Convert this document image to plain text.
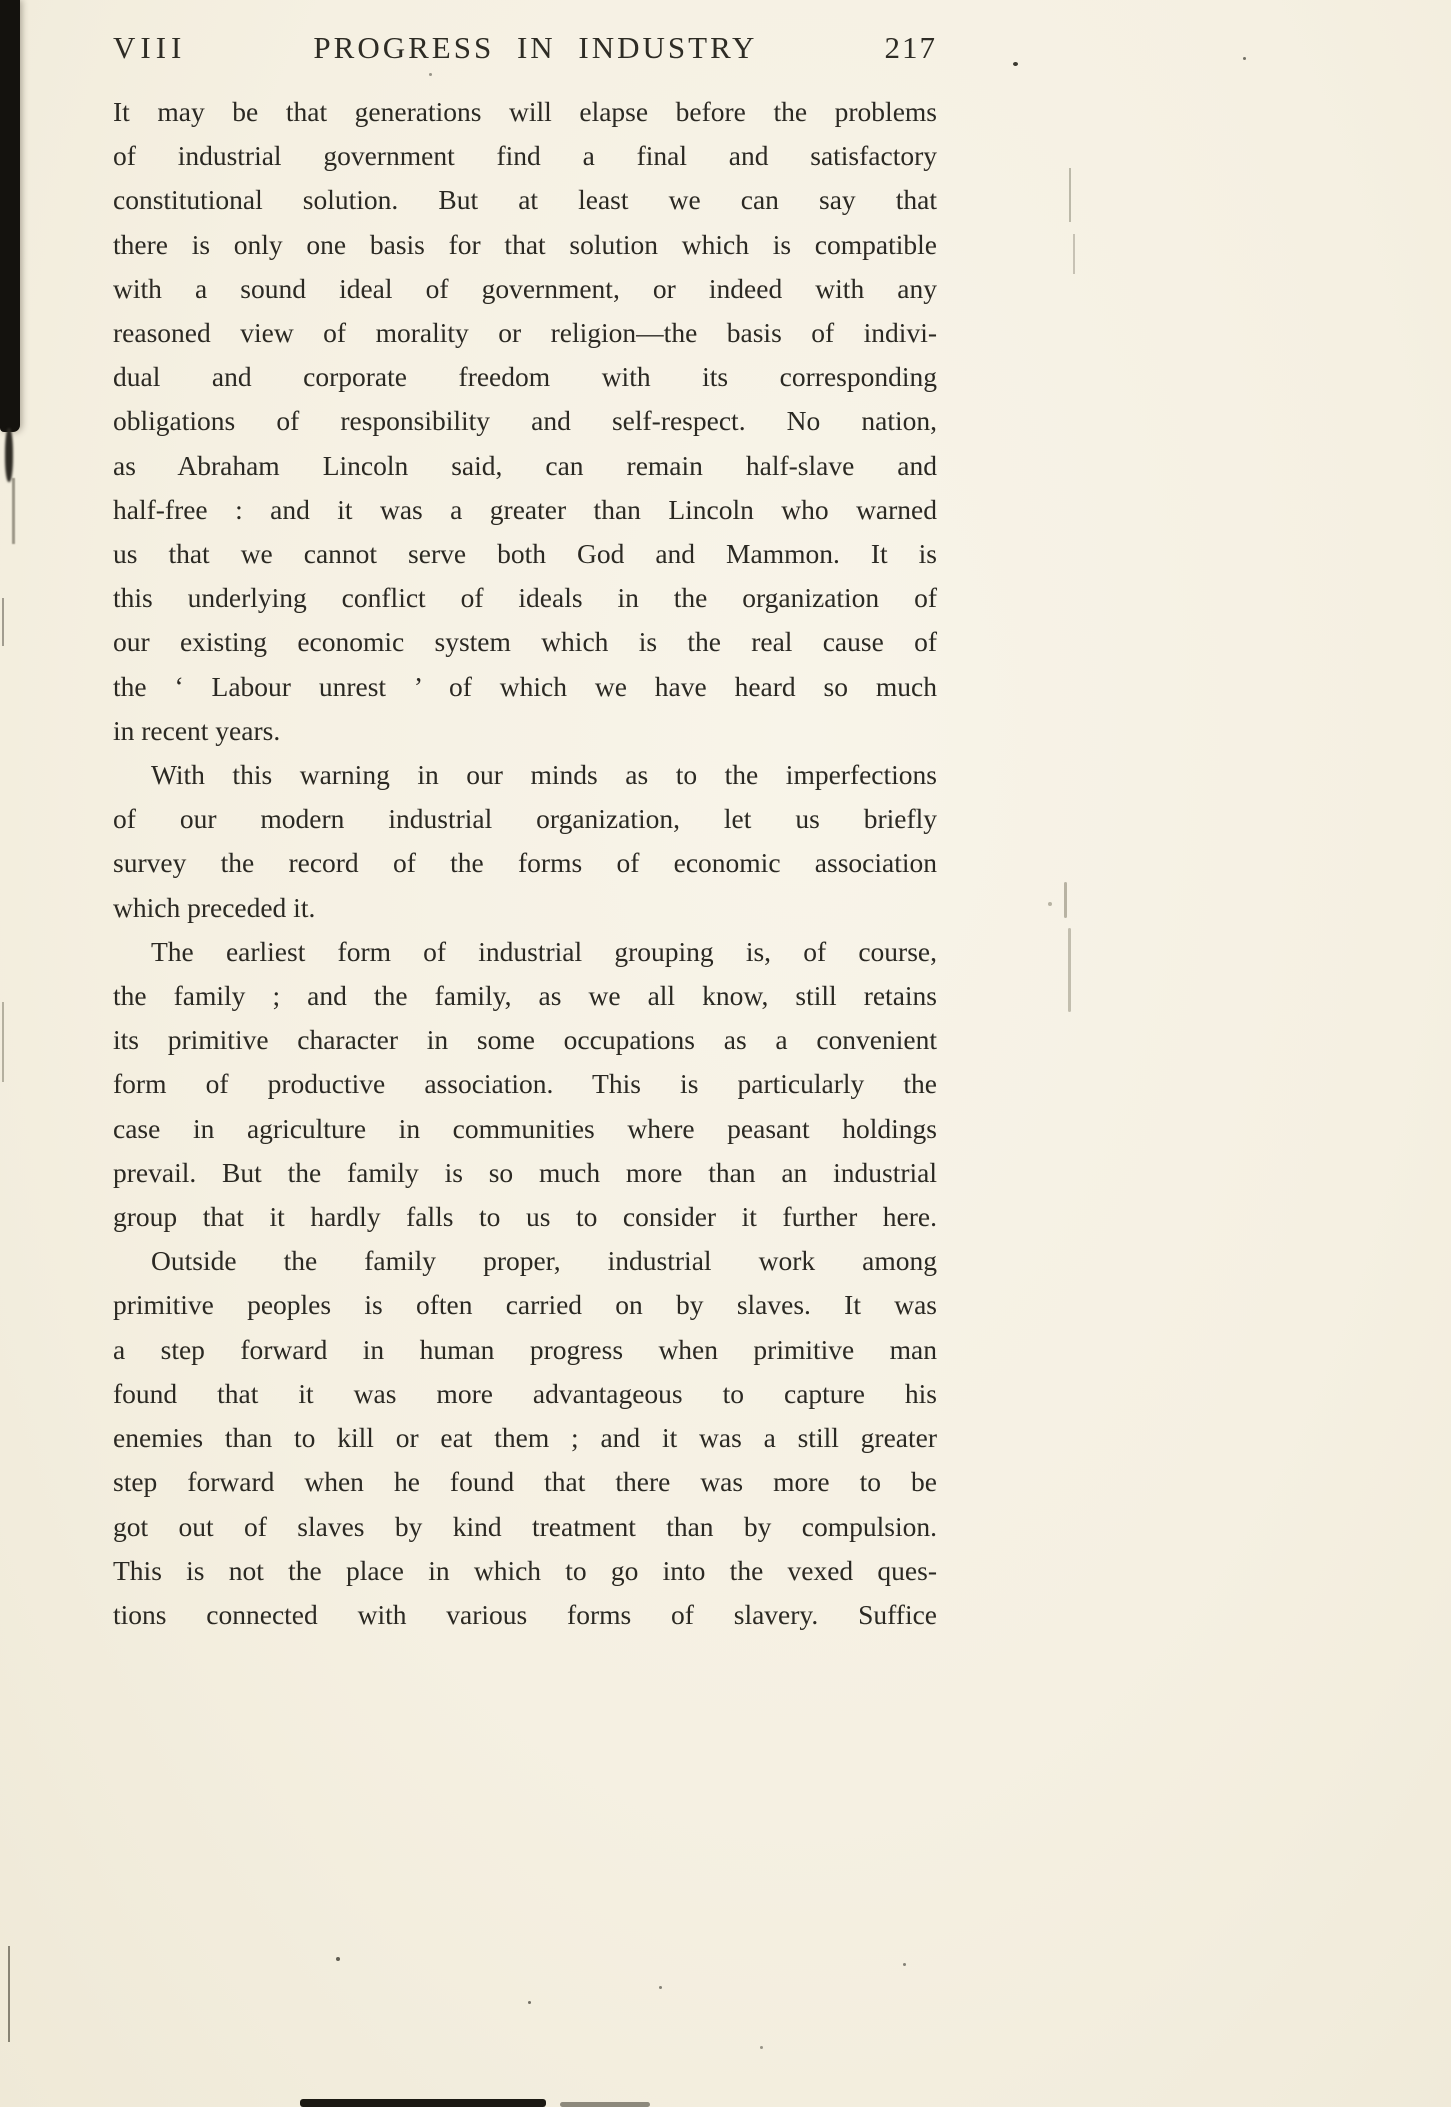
VIII	PROGRESS IN INDUSTRY	217
It may be that generations will elapse before the problems
of industrial government find a final and satisfactory
constitutional solution. But at least we can say that
there is only one basis for that solution which is compatible
with a sound ideal of government, or indeed with any
reasoned view of morality or religion—the basis of indivi-
dual and corporate freedom with its corresponding
obligations of responsibility and self-respect. No nation,
as Abraham Lincoln said, can remain half-slave and
half-free : and it was a greater than Lincoln who warned
us that we cannot serve both God and Mammon. It is
this underlying conflict of ideals in the organization of
our existing economic system which is the real cause of
the ‘ Labour unrest ’ of which we have heard so much
in recent years.
With this warning in our minds as to the imperfections
of our modern industrial organization, let us briefly
survey the record of the forms of economic association
which preceded it.
The earliest form of industrial grouping is, of course,
the family ; and the family, as we all know, still retains
its primitive character in some occupations as a convenient
form of productive association. This is particularly the
case in agriculture in communities where peasant holdings
prevail. But the family is so much more than an industrial
group that it hardly falls to us to consider it further here.
Outside the family proper, industrial work among
primitive peoples is often carried on by slaves. It was
a step forward in human progress when primitive man
found that it was more advantageous to capture his
enemies than to kill or eat them ; and it was a still greater
step forward when he found that there was more to be
got out of slaves by kind treatment than by compulsion.
This is not the place in which to go into the vexed ques-
tions connected with various forms of slavery. Suffice
